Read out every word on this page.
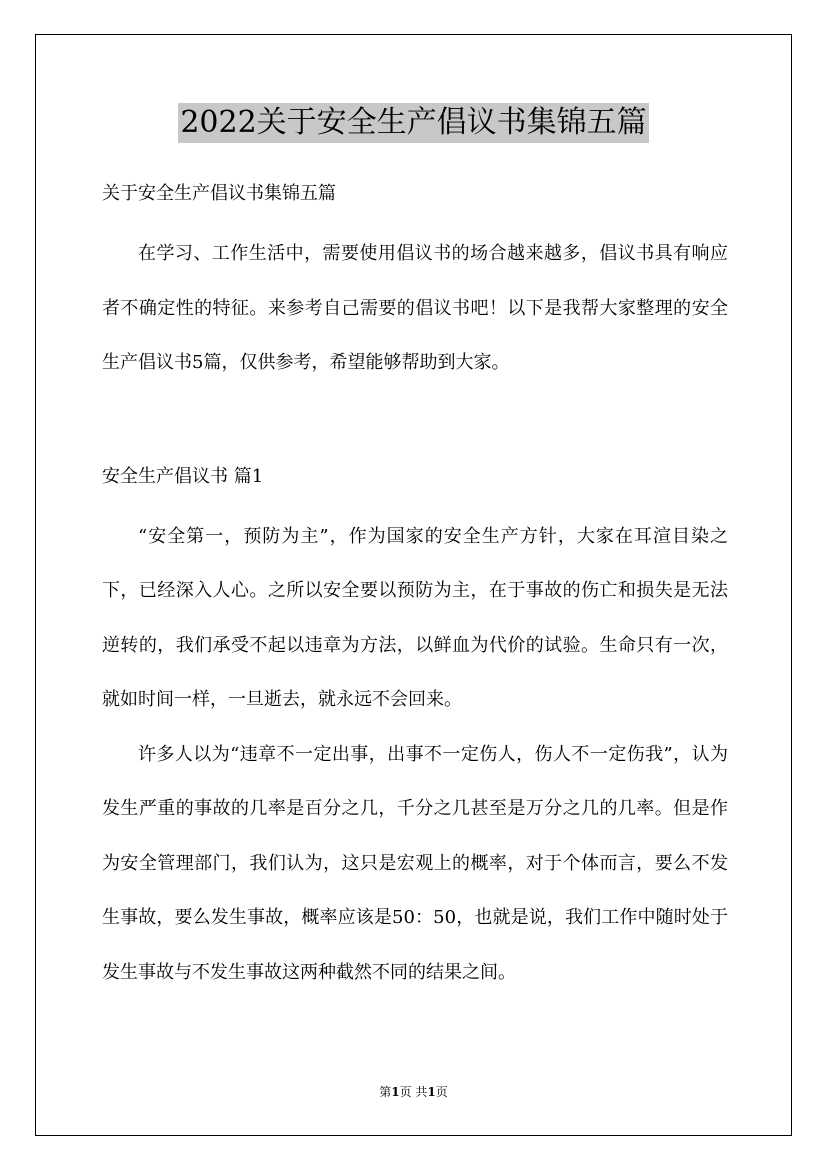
2022关于安全生产倡议书集锦五篇

关于安全生产倡议书集锦五篇

在学习、工作生活中，需要使用倡议书的场合越来越多，倡议书具有响应者不确定性的特征。来参考自己需要的倡议书吧！以下是我帮大家整理的安全生产倡议书5篇，仅供参考，希望能够帮助到大家。

安全生产倡议书 篇1

“安全第一，预防为主”，作为国家的安全生产方针，大家在耳渲目染之下，已经深入人心。之所以安全要以预防为主，在于事故的伤亡和损失是无法逆转的，我们承受不起以违章为方法，以鲜血为代价的试验。生命只有一次，就如时间一样，一旦逝去，就永远不会回来。

许多人以为“违章不一定出事，出事不一定伤人，伤人不一定伤我”，认为发生严重的事故的几率是百分之几，千分之几甚至是万分之几的几率。但是作为安全管理部门，我们认为，这只是宏观上的概率，对于个体而言，要么不发生事故，要么发生事故，概率应该是50：50，也就是说，我们工作中随时处于发生事故与不发生事故这两种截然不同的结果之间。

第1页 共1页
